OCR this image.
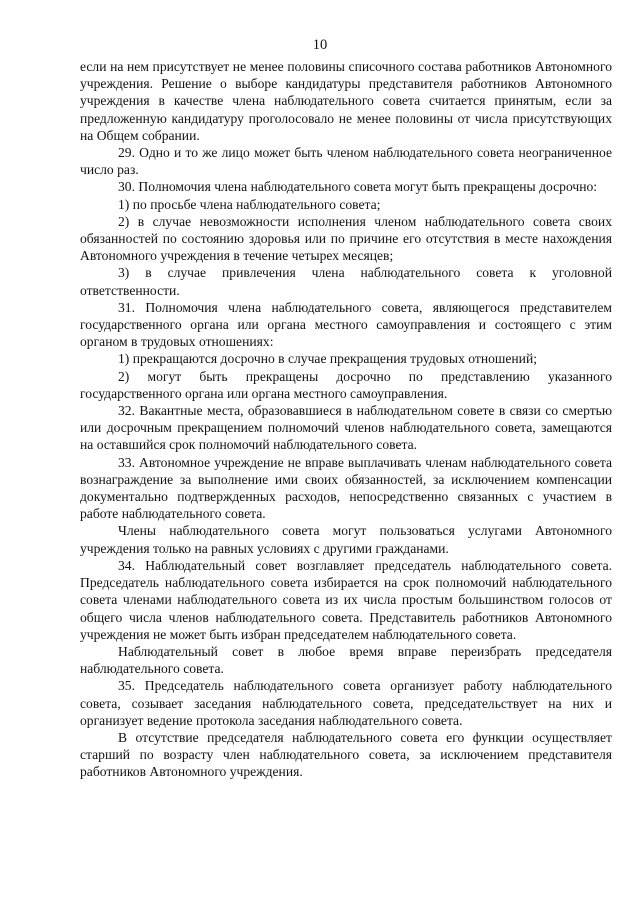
10

если на нем присутствует не менее половины списочного состава работников Автономного учреждения. Решение о выборе кандидатуры представителя работников Автономного учреждения в качестве члена наблюдательного совета считается принятым, если за предложенную кандидатуру проголосовало не менее половины от числа присутствующих на Общем собрании.

29. Одно и то же лицо может быть членом наблюдательного совета неограниченное число раз.

30. Полномочия члена наблюдательного совета могут быть прекращены досрочно:

1) по просьбе члена наблюдательного совета;

2) в случае невозможности исполнения членом наблюдательного совета своих обязанностей по состоянию здоровья или по причине его отсутствия в месте нахождения Автономного учреждения в течение четырех месяцев;

3) в случае привлечения члена наблюдательного совета к уголовной ответственности.

31. Полномочия члена наблюдательного совета, являющегося представителем государственного органа или органа местного самоуправления и состоящего с этим органом в трудовых отношениях:

1) прекращаются досрочно в случае прекращения трудовых отношений;

2) могут быть прекращены досрочно по представлению указанного государственного органа или органа местного самоуправления.

32. Вакантные места, образовавшиеся в наблюдательном совете в связи со смертью или досрочным прекращением полномочий членов наблюдательного совета, замещаются на оставшийся срок полномочий наблюдательного совета.

33. Автономное учреждение не вправе выплачивать членам наблюдательного совета вознаграждение за выполнение ими своих обязанностей, за исключением компенсации документально подтвержденных расходов, непосредственно связанных с участием в работе наблюдательного совета.

Члены наблюдательного совета могут пользоваться услугами Автономного учреждения только на равных условиях с другими гражданами.

34. Наблюдательный совет возглавляет председатель наблюдательного совета. Председатель наблюдательного совета избирается на срок полномочий наблюдательного совета членами наблюдательного совета из их числа простым большинством голосов от общего числа членов наблюдательного совета. Представитель работников Автономного учреждения не может быть избран председателем наблюдательного совета.

Наблюдательный совет в любое время вправе переизбрать председателя наблюдательного совета.

35. Председатель наблюдательного совета организует работу наблюдательного совета, созывает заседания наблюдательного совета, председательствует на них и организует ведение протокола заседания наблюдательного совета.

В отсутствие председателя наблюдательного совета его функции осуществляет старший по возрасту член наблюдательного совета, за исключением представителя работников Автономного учреждения.
